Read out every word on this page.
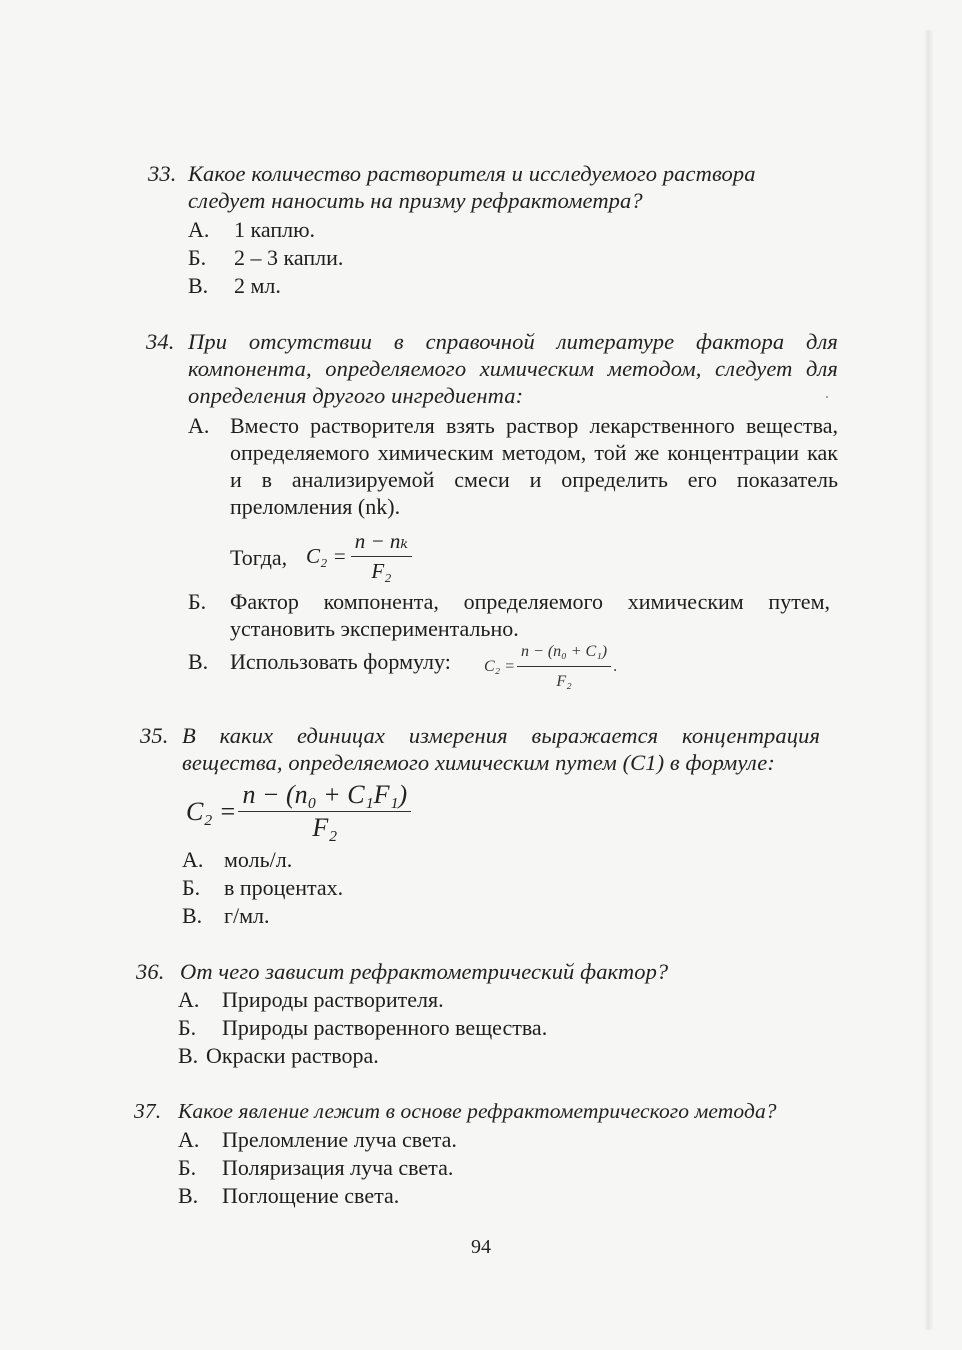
33. Какое количество растворителя и исследуемого раствора следует наносить на призму рефрактометра?
А. 1 каплю.
Б. 2 – 3 капли.
В. 2 мл.
34. При отсутствии в справочной литературе фактора для компонента, определяемого химическим методом, следует для определения другого ингредиента:
А. Вместо растворителя взять раствор лекарственного вещества, определяемого химическим методом, той же концентрации как и в анализируемой смеси и определить его показатель преломления (nk).
Тогда, $C_2 = \frac{\text{n − nₖ}}{\text{F₂}}$
Б. Фактор компонента, определяемого химическим путем, установить экспериментально.
В. Использовать формулу: $C_2 = \frac{\text{n − (n₀ + C₁)}}{\text{F₂}}$ .
35. В каких единицах измерения выражается концентрация вещества, определяемого химическим путем (C1) в формуле:
$C_2 = \frac{\text{n − (n₀ + C₁F₁)}}{\text{F₂}}$
А. моль/л.
Б. в процентах.
В. г/мл.
36. От чего зависит рефрактометрический фактор?
А. Природы растворителя.
Б. Природы растворенного вещества.
В. Окраски раствора.
37. Какое явление лежит в основе рефрактометрического метода?
А. Преломление луча света.
Б. Поляризация луча света.
В. Поглощение света.
94
